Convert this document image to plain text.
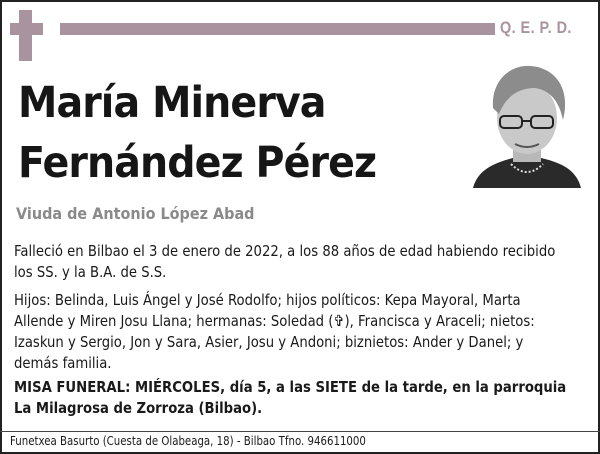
Q. E. P. D.
María Minerva
Fernández Pérez
Viuda de Antonio López Abad
Falleció en Bilbao el 3 de enero de 2022, a los 88 años de edad habiendo recibido los SS. y la B.A. de S.S.
Hijos: Belinda, Luis Ángel y José Rodolfo; hijos políticos: Kepa Mayoral, Marta Allende y Miren Josu Llana; hermanas: Soledad (✞), Francisca y Araceli; nietos: Izaskun y Sergio, Jon y Sara, Asier, Josu y Andoni; biznietos: Ander y Danel; y demás familia.
MISA FUNERAL: MIÉRCOLES, día 5, a las SIETE de la tarde, en la parroquia La Milagrosa de Zorroza (Bilbao).
Funetxea Basurto (Cuesta de Olabeaga, 18) - Bilbao Tfno. 946611000
